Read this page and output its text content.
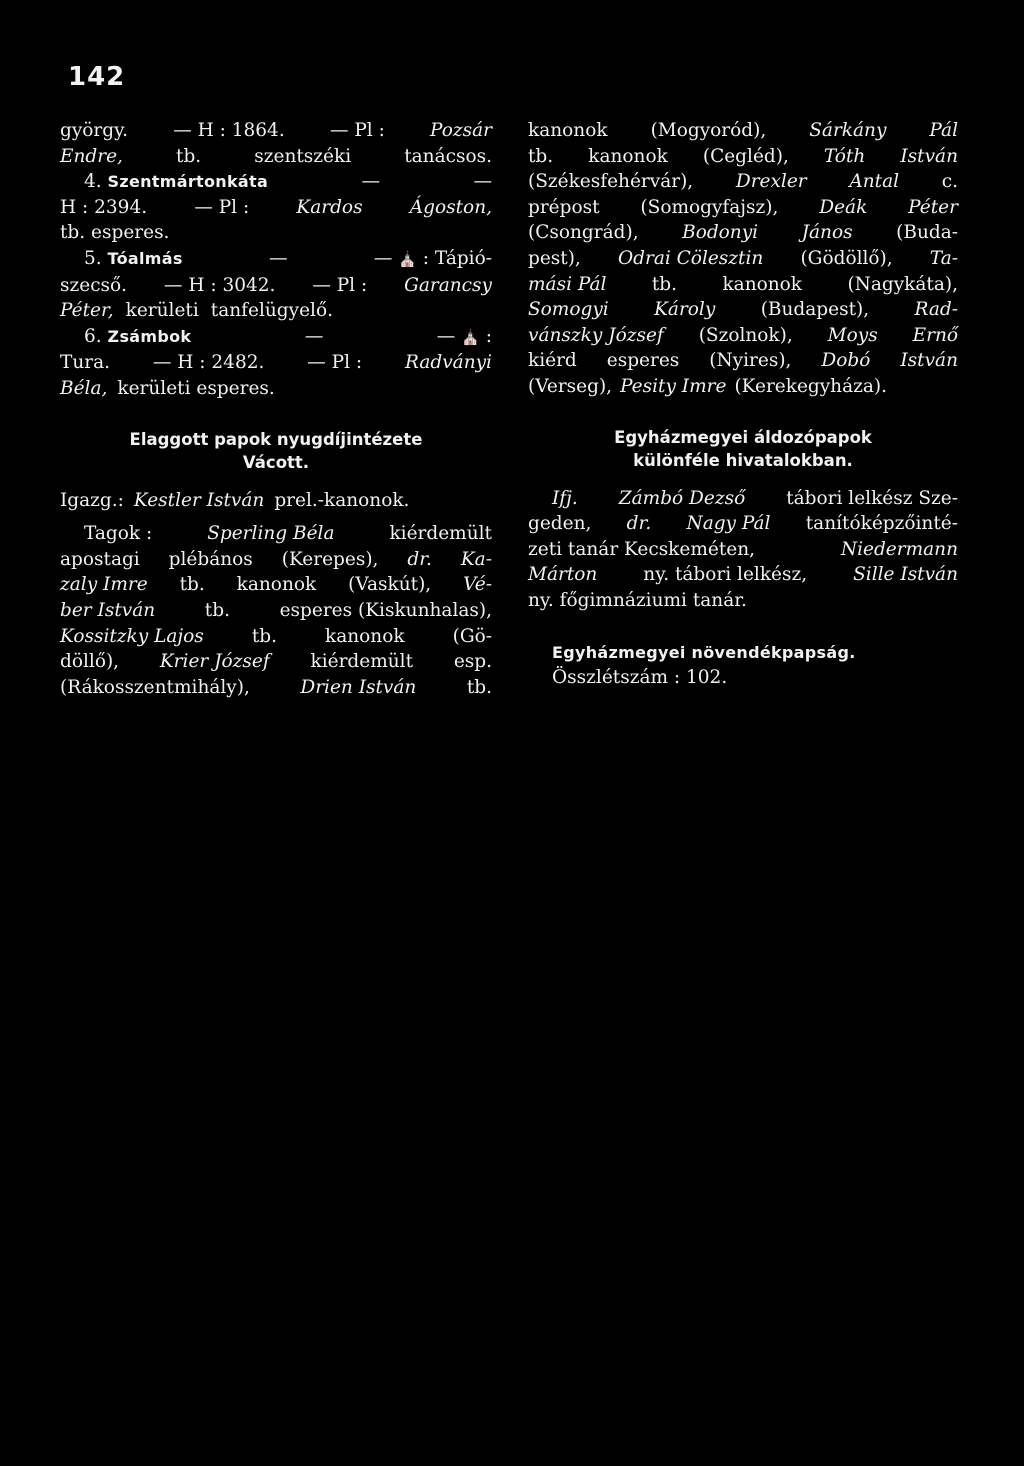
142
györgy. — H : 1864. — Pl : Pozsár
Endre,	tb.	szentszéki	tanácsos.
4. Szentmártonkáta	—	—
H : 2394.	— Pl :	Kardos	Ágoston,
tb. esperes.
5. Tóalmás	—	— ⛪ : Tápió-
szecső. — H : 3042. — Pl : Garancsy
Péter, kerületi tanfelügyelő.
6. Zsámbok	—	— ⛪ :
Tura. — H : 2482. — Pl : Radványi
Béla, kerületi esperes.
Elaggott papok nyugdíjintézete
Vácott.
Igazg.: Kestler István prel.-kanonok.
Tagok :	Sperling Béla	kiérdemült
apostagi plébános (Kerepes), dr. Ka-
zaly Imre tb. kanonok (Vaskút), Vé-
ber István	tb.	esperes (Kiskunhalas),
Kossitzky Lajos	tb.	kanonok	(Gö-
döllő), Krier József kiérdemült esp.
(Rákosszentmihály),	Drien István	tb.
kanonok (Mogyoród), Sárkány Pál
tb. kanonok (Cegléd), Tóth István
(Székesfehérvár), Drexler Antal c.
prépost (Somogyfajsz), Deák Péter
(Csongrád), Bodonyi János (Buda-
pest), Odrai Cölesztin (Gödöllő), Ta-
mási Pál tb. kanonok (Nagykáta),
Somogyi Károly (Budapest), Rad-
vánszky József (Szolnok), Moys Ernő
kiérd esperes (Nyires), Dobó István
(Verseg), Pesity Imre (Kerekegyháza).
Egyházmegyei áldozópapok
különféle hivatalokban.
Ifj. Zámbó Dezső tábori lelkész Sze-
geden, dr. Nagy Pál tanítóképzőinté-
zeti tanár Kecskeméten,	Niedermann
Márton ny. tábori lelkész, Sille István
ny. főgimnáziumi tanár.
Egyházmegyei növendékpapság.
Összlétszám : 102.
